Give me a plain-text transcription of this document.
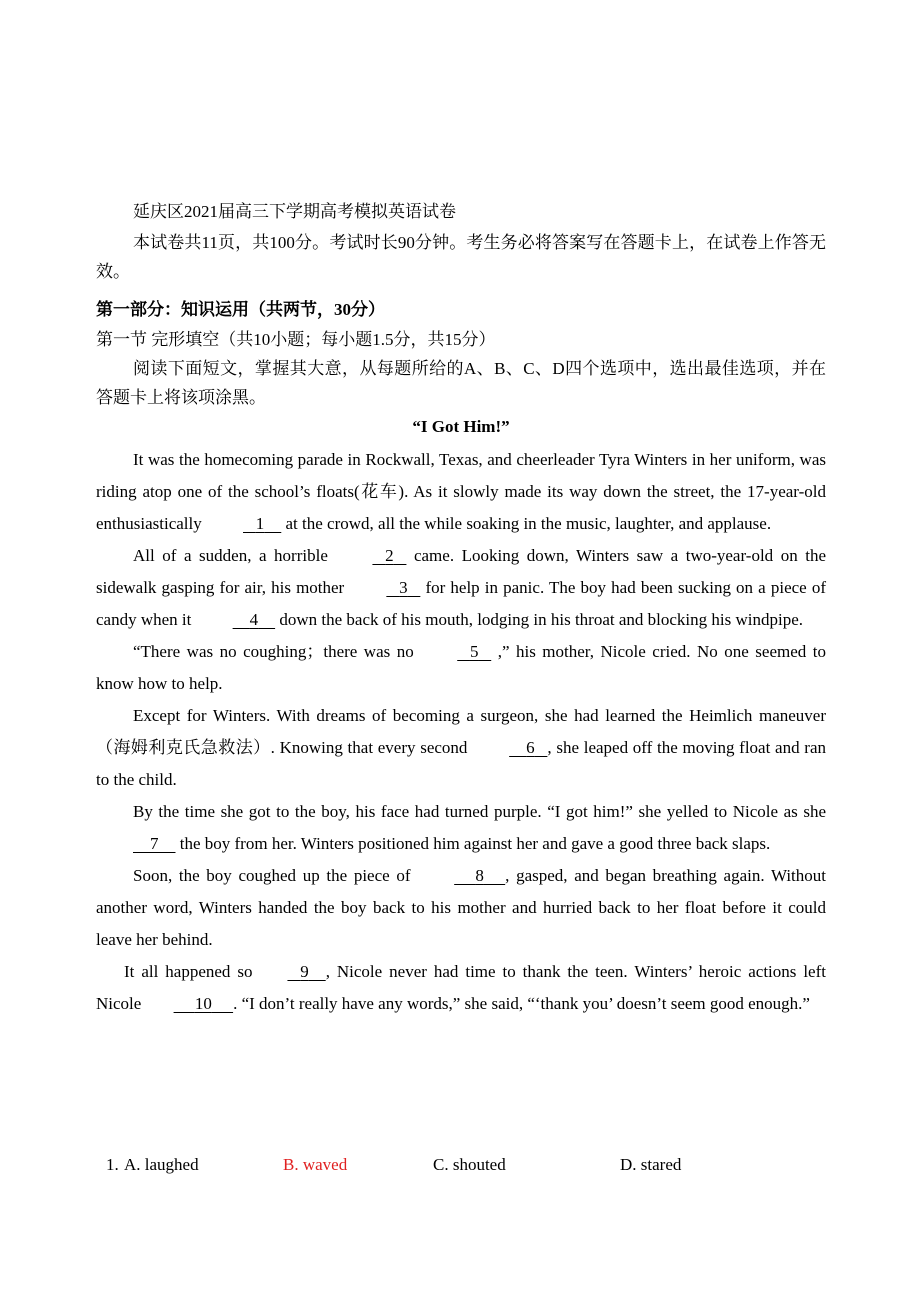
延庆区2021届高三下学期高考模拟英语试卷
本试卷共11页，共100分。考试时长90分钟。考生务必将答案写在答题卡上，在试卷上作答无效。
第一部分：知识运用（共两节，30分）
第一节 完形填空（共10小题；每小题1.5分，共15分）
阅读下面短文，掌握其大意，从每题所给的A、B、C、D四个选项中，选出最佳选项，并在答题卡上将该项涂黑。
“I Got Him!”
It was the homecoming parade in Rockwall, Texas, and cheerleader Tyra Winters in her uniform, was riding atop one of the school’s floats(花车). As it slowly made its way down the street, the 17-year-old enthusiastically	1     at the crowd, all the while soaking in the music, laughter, and applause.
All of a sudden, a horrible	2    came. Looking down, Winters saw a two-year-old on the sidewalk gasping for air, his mother	3    for help in panic. The boy had been sucking on a piece of candy when it	4     down the back of his mouth, lodging in his throat and blocking his windpipe.
“There was no coughing；there was no	5    ,” his mother, Nicole cried. No one seemed to know how to help.
Except for Winters. With dreams of becoming a surgeon, she had learned the Heimlich maneuver（海姆利克氏急救法）. Knowing that every second	6 , she leaped off the moving float and ran to the child.
By the time she got to the boy, his face had turned purple. “I got him!” she yelled to Nicole as she     7     the boy from her. Winters positioned him against her and gave a good three back slaps.
Soon, the boy coughed up the piece of	8 , gasped, and began breathing again. Without another word, Winters handed the boy back to his mother and hurried back to her float before it could leave her behind.
It all happened so    9 , Nicole never had time to thank the teen. Winters’ heroic actions left Nicole	10 . “I don’t really have any words,” she said, “‘thank you’ doesn’t seem good enough.”
1. A. laughed	B. waved	C. shouted	D. stared
